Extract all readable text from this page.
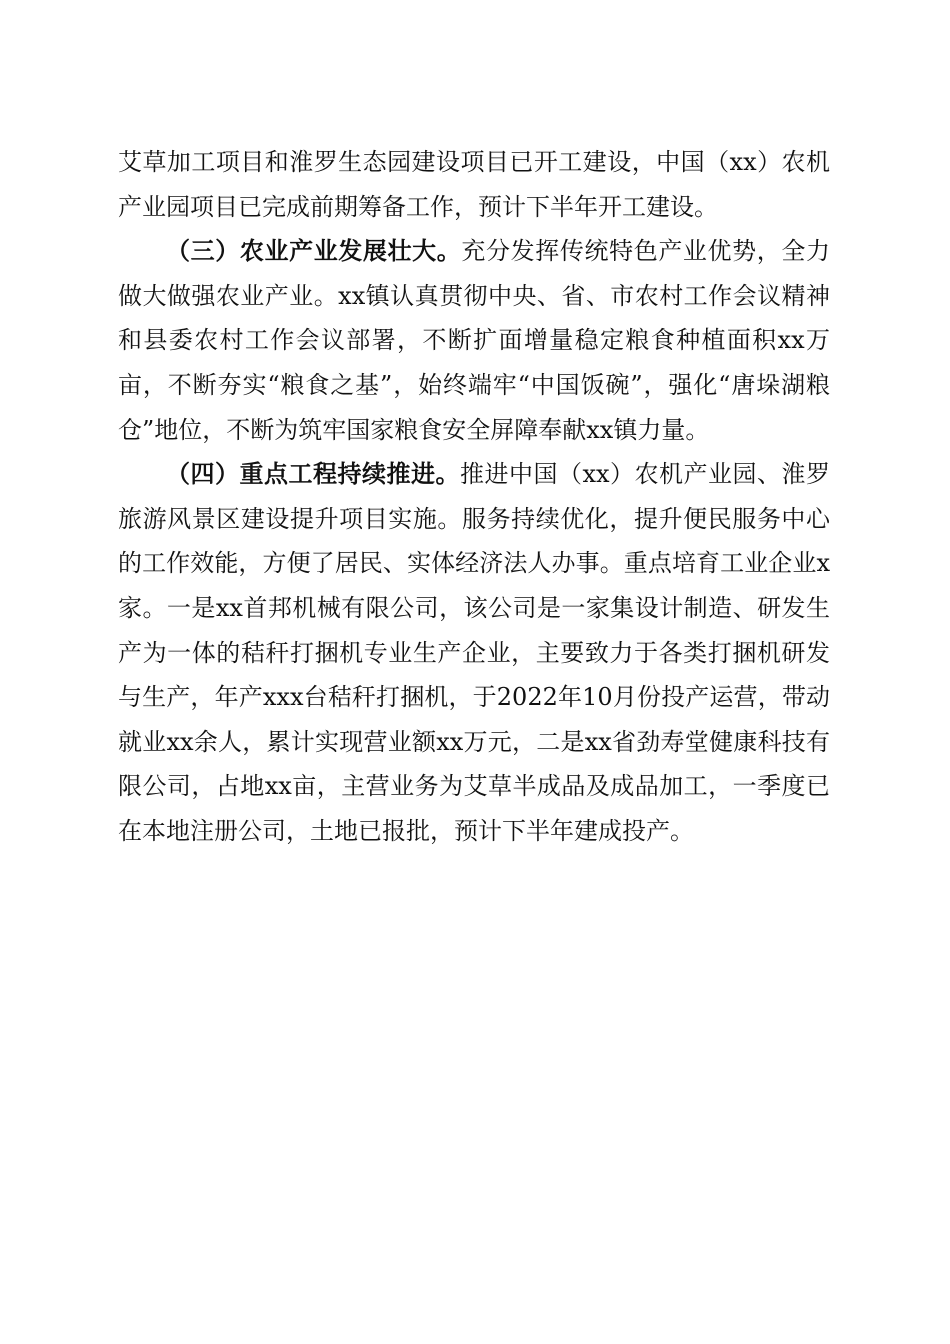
艾草加工项目和淮罗生态园建设项目已开工建设，中国（xx）农机产业园项目已完成前期筹备工作，预计下半年开工建设。

（三）农业产业发展壮大。充分发挥传统特色产业优势，全力做大做强农业产业。xx镇认真贯彻中央、省、市农村工作会议精神和县委农村工作会议部署，不断扩面增量稳定粮食种植面积xx万亩，不断夯实“粮食之基”，始终端牢“中国饭碗”，强化“唐垛湖粮仓”地位，不断为筑牢国家粮食安全屏障奉献xx镇力量。

（四）重点工程持续推进。推进中国（xx）农机产业园、淮罗旅游风景区建设提升项目实施。服务持续优化，提升便民服务中心的工作效能，方便了居民、实体经济法人办事。重点培育工业企业x家。一是xx首邦机械有限公司，该公司是一家集设计制造、研发生产为一体的秸秆打捆机专业生产企业，主要致力于各类打捆机研发与生产，年产xxx台秸秆打捆机，于2022年10月份投产运营，带动就业xx余人，累计实现营业额xx万元，二是xx省劲寿堂健康科技有限公司，占地xx亩，主营业务为艾草半成品及成品加工，一季度已在本地注册公司，土地已报批，预计下半年建成投产。
